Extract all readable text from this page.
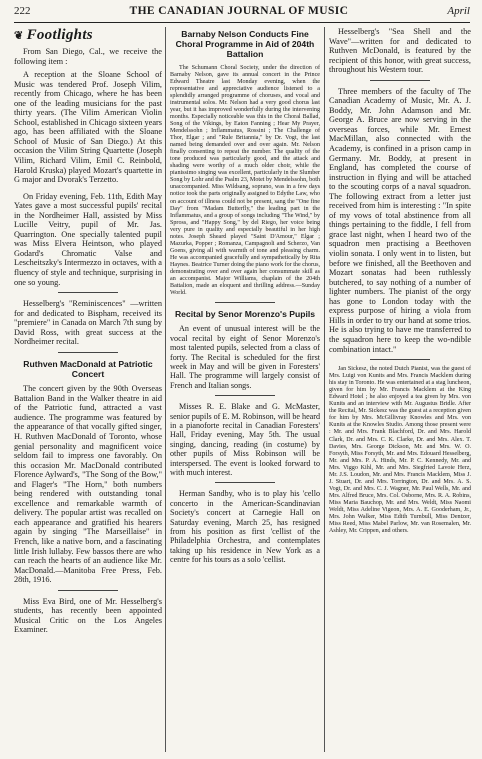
222	THE CANADIAN JOURNAL OF MUSIC	April
❦ Footlights

From San Diego, Cal., we receive the following item :

A reception at the Sloane School of Music was tendered Prof. Joseph Vilim, recently from Chicago, where he has been one of the leading musicians for the past thirty years. (The Vilim American Violin School, established in Chicago sixteen years ago, has been affiliated with the Sloane School of Music of San Diego.) At this occasion the Vilim String Quartette (Joseph Vilim, Richard Vilim, Emil C. Reinbold, Harold Kruska) played Mozart's quartette in G major and Dvorak's Terzetto.

On Friday evening, Feb. 11th, Edith May Yates gave a most successful pupils' recital in the Nordheimer Hall, assisted by Miss Lucille Veitry, pupil of Mr. Jas. Quarrington. One specially talented pupil was Miss Elvera Heintson, who played Godard's Chromatic Valse and Lescheitszky's Intermezzo in octaves, with a fluency of style and technique, surprising in one so young.

Hesselberg's "Reminiscences" —written for and dedicated to Bispham, received its "premiere" in Canada on March 7th sung by David Ross, with great success at the Nordheimer recital.

Ruthven MacDonald at Patriotic Concert

The concert given by the 90th Overseas Battalion Band in the Walker theatre in aid of the Patriotic fund, attracted a vast audience. The programme was featured by the appearance of that vocally gifted singer, H. Ruthven MacDonald of Toronto, whose genial personality and magnificent voice seldom fail to impress one favorably. On this occasion Mr. MacDonald contributed Florence Aylward's, "The Song of the Bow," and Flager's "The Horn," both numbers being rendered with outstanding tonal excellence and remarkable warmth of delivery. The popular artist was recalled on each appearance and gratified his hearers again by singing "The Marseillaise" in French, like a native born, and a fascinating little Irish lullaby. Few bassos there are who can reach the hearts of an audience like Mr. MacDonald.—Manitoba Free Press, Feb. 28th, 1916.

Miss Eva Bird, one of Mr. Hesselberg's students, has recently been appointed Musical Critic on the Los Angeles Examiner.

Barnaby Nelson Conducts Fine Choral Programme in Aid of 204th Battalion

The Schumann Choral Society, under the direction of Barnaby Nelson, gave its annual concert in the Prince Edward Theatre last Monday evening, when the representative and appreciative audience listened to a splendidly arranged programme of choruses, and vocal and instrumental solos. Mr. Nelson had a very good chorus last year, but it has improved wonderfully during the intervening months. Especially noticeable was this in the Choral Ballad, Song of the Vikings, by Eaton Fanning ; Hear My Prayer, Mendelssohn ; Inflammatus, Rossini ; The Challenge of Thor, Elgar ; and "Rule Britannia," by Dr. Vogt, the last named being demanded over and over again. Mr. Nelson finally consenting to repeat the number. The quality of the tone produced was particularly good, and the attack and shading were worthy of a much older choir, while the pianissimo singing was excellent, particularly in the Slumber Song by Lohr and the Psalm 23, Motet by Mendelssohn, both unaccompanied. Miss Wildsang, soprano, was in a few days notice took the parts originally assigned to Edythe Law, who on account of illness could not be present, sang the "One fine Day" from "Madam Butterfly," the leading part in the Inflammatus, and a group of songs including "The Wind," by Spross, and "Happy Song," by del Riego, her voice being very pure in quality and especially beautiful in her high notes. Joseph Sheard played "Saint D'Amour," Elgar ; Mazurka, Popper ; Romanza, Campagnoli and Scherzo, Van Goens, giving all with warmth of tone and pleasing charm. He was accompanied gracefully and sympathetically by Rita Haynes. Beatrice Turner doing the piano work for the chorus, demonstrating over and over again her consummate skill as an accompanist. Major Williams, chaplain of the 204th Battalion, made an eloquent and thrilling address.—Sunday World.

Recital by Senor Morenzo's Pupils

An event of unusual interest will be the vocal recital by eight of Senor Morenzo's most talented pupils, selected from a class of forty. The Recital is scheduled for the first week in May and will be given in Foresters' Hall. The programme will largely consist of French and Italian songs.

Misses R. E. Blake and G. McMaster, senior pupils of E. M. Robinson, will be heard in a pianoforte recital in Canadian Foresters' Hall, Friday evening, May 5th. The usual singing, dancing, reading (in costume) by other pupils of Miss Robinson will be interspersed. The event is looked forward to with much interest.

Herman Sandby, who is to play his 'cello concerto in the American-Scandinavian Society's concert at Carnegie Hall on Saturday evening, March 25, has resigned from his position as first 'cellist of the Philadelphia Orchestra, and contemplates taking up his residence in New York as a centre for his tours as a solo 'cellist.

Hesselberg's "Sea Shell and the Wave"—written for and dedicated to Ruthven McDonald, is featured by the recipient of this honor, with great success, throughout his Western tour.

Three members of the faculty of The Canadian Academy of Music, Mr. A. J. Boddy, Mr. John Adamson and Mr. George A. Bruce are now serving in the overseas forces, while Mr. Ernest MacMillan, also connected with the Academy, is confined in a prison camp in Germany. Mr. Boddy, at present in England, has completed the course of instruction in flying and will be attached to the scouting corps of a naval squadron. The following extract from a letter just received from him is interesting : "In spite of my vows of total abstinence from all things pertaining to the fiddle, I fell from grace last night, when I heard two of the squadron men practising a Beethoven violin sonata. I only went in to listen, but before we finished, all the Beethoven and Mozart sonatas had been ruthlessly butchered, to say nothing of a number of lighter numbers. The pianist of the orgy has gone to London today with the express purpose of hiring a viola from Hills in order to try our hand at some trios. He is also trying to have me transferred to the squadron here to keep the wo-ndible combination intact."

Jan Sickesz, the noted Dutch Pianist, was the guest of Mrs. Luigi von Kunits and Mrs. Francis Macklem during his stay in Toronto. He was entertained at a stag luncheon, given for him by Mr. Francis Macklem at the King Edward Hotel ; he also enjoyed a tea given by Mrs. von Kunits and an interview with Mr. Augustus Bridle. After the Recital, Mr. Sickesz was the guest at a reception given for him by Mrs. McGillivray Knowles and Mrs. von Kunits at the Knowles Studio. Among those present were : Mr. and Mrs. Frank Blachford, Dr. and Mrs. Harold Clark, Dr. and Mrs. C. K. Clarke, Dr. and Mrs. Alex. T. Davies, Mrs. George Dickson, Mr. and Mrs. W. O. Forsyth, Miss Forsyth, Mr. and Mrs. Edouard Hesselberg, Mr. and Mrs. P. A. Hinds, Mr. P. C. Kennedy, Mr. and Mrs. Viggo Kihl, Mr. and Mrs. Siegfried Lavoie Herz, Mr. J.S. Loudon, Mr. and Mrs. Francis Macklem, Miss J. J. Stuart, Dr. and Mrs. Torrington, Dr. and Mrs. A. S. Vogt, Dr. and Mrs. C. J. Wagner, Mr. Paul Wells, Mr. and Mrs. Alfred Bruce, Mrs. Col. Osborne, Mrs. R. A. Robins, Miss Maria Bauchop, Mr. and Mrs. Weldt, Miss Naomi Weldt, Miss Adeline Vigeon, Mrs. A. E. Gooderham, Jr., Mrs. John Walker, Miss Edith Turnbull, Miss Dentzer, Miss Reed, Miss Mabel Parlow, Mr. van Rosemalen, Mr. Ashley, Mr. Crippen, and others.
